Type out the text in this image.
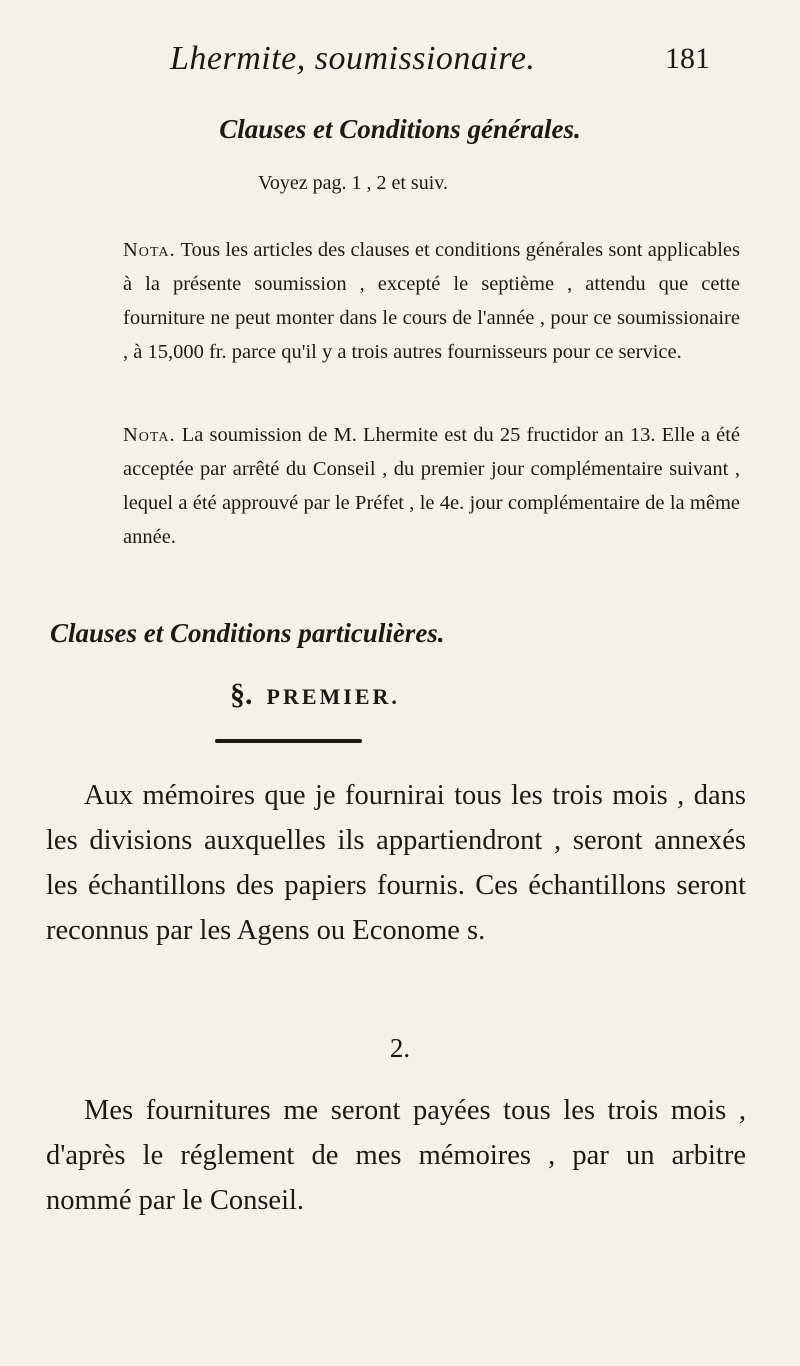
Lhermite, soumissionaire.	181
Clauses et Conditions générales.
Voyez pag. 1 , 2 et suiv.
Nota. Tous les articles des clauses et conditions générales sont applicables à la présente soumission , excepté le septième , attendu que cette fourniture ne peut monter dans le cours de l'année , pour ce soumissionaire , à 15,000 fr. parce qu'il y a trois autres fournisseurs pour ce service.
Nota. La soumission de M. Lhermite est du 25 fructidor an 13. Elle a été acceptée par arrêté du Conseil , du premier jour complémentaire suivant , lequel a été approuvé par le Préfet , le 4e. jour complémentaire de la même année.
Clauses et Conditions particulières.
§. PREMIER.

Aux mémoires que je fournirai tous les trois mois , dans les divisions auxquelles ils appartiendront , seront annexés les échantillons des papiers fournis. Ces échantillons seront reconnus par les Agens ou Econome s.

2.

Mes fournitures me seront payées tous les trois mois , d'après le réglement de mes mémoires , par un arbitre nommé par le Conseil.
